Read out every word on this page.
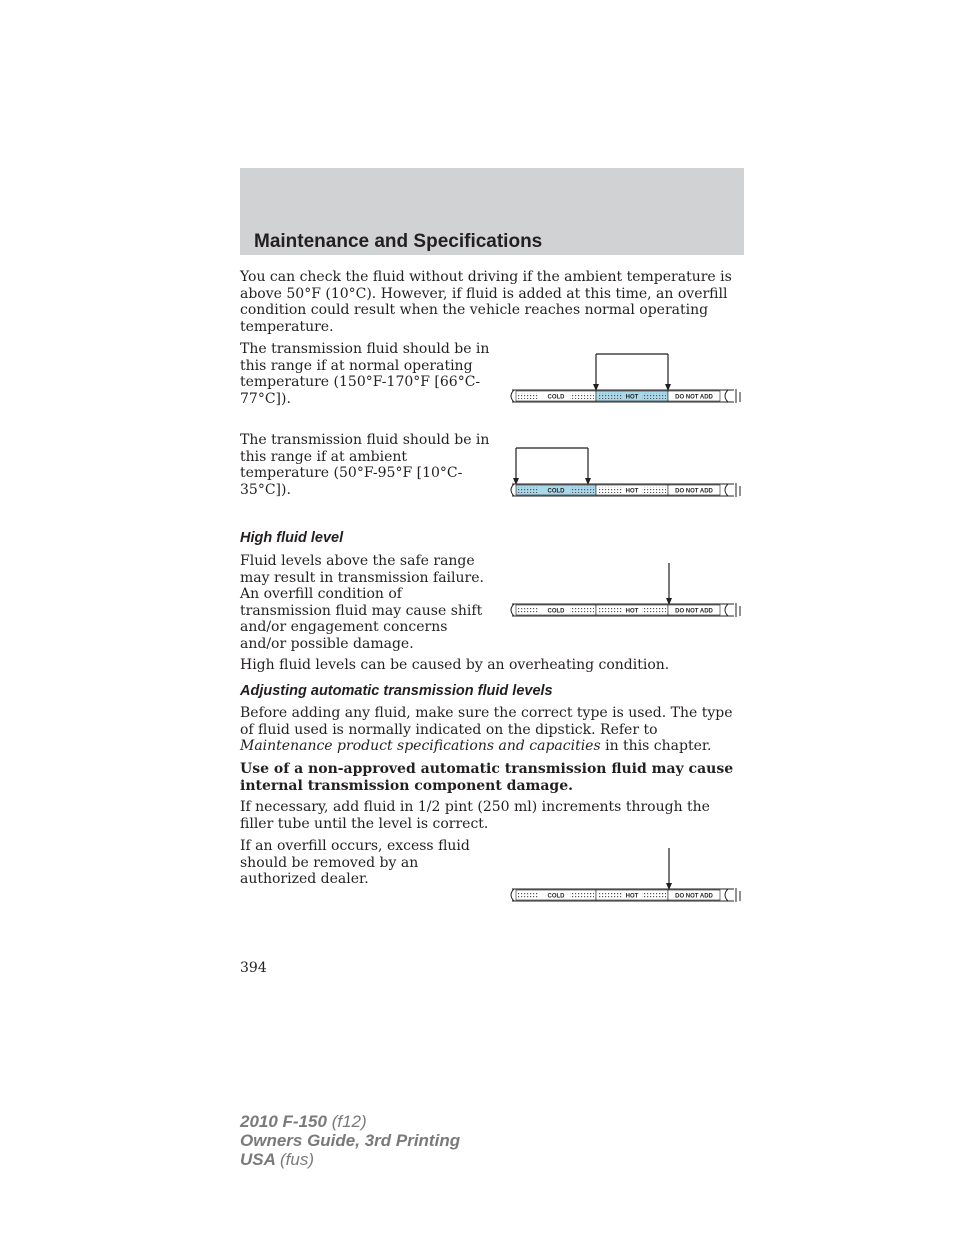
Maintenance and Specifications

You can check the fluid without driving if the ambient temperature is above 50°F (10°C). However, if fluid is added at this time, an overfill condition could result when the vehicle reaches normal operating temperature.

The transmission fluid should be in this range if at normal operating temperature (150°F-170°F [66°C-77°C]).	COLD	HOT	DO NOT ADD

The transmission fluid should be in this range if at ambient temperature (50°F-95°F [10°C-35°C]).	COLD	HOT	DO NOT ADD
High fluid level

Fluid levels above the safe range may result in transmission failure. An overfill condition of transmission fluid may cause shift and/or engagement concerns and/or possible damage.

COLD	HOT	DO NOT ADD

High fluid levels can be caused by an overheating condition.

Adjusting automatic transmission fluid levels

Before adding any fluid, make sure the correct type is used. The type of fluid used is normally indicated on the dipstick. Refer to Maintenance product specifications and capacities in this chapter.

Use of a non-approved automatic transmission fluid may cause internal transmission component damage.

If necessary, add fluid in 1/2 pint (250 ml) increments through the filler tube until the level is correct.

If an overfill occurs, excess fluid should be removed by an authorized dealer.

COLD	HOT	DO NOT ADD

394

2010 F-150 (f12)
Owners Guide, 3rd Printing
USA (fus)
